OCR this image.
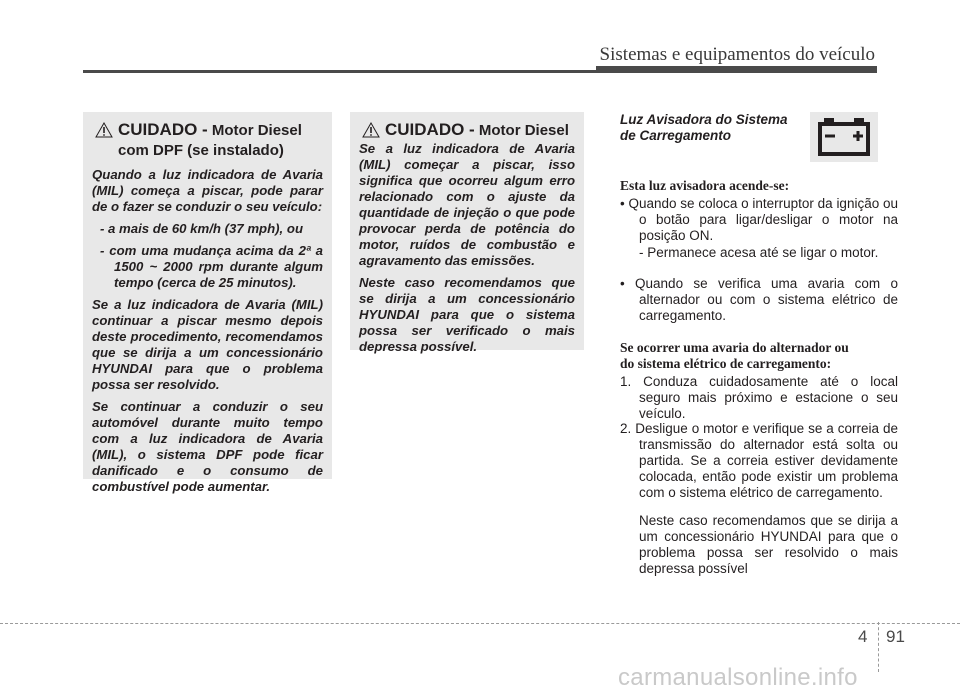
Sistemas e equipamentos do veículo
CUIDADO - Motor Diesel
com DPF (se instalado)

Quando a luz indicadora de Avaria (MIL) começa a piscar, pode parar de o fazer se conduzir o seu veículo:

- a mais de 60 km/h (37 mph), ou

- com uma mudança acima da 2ª a 1500 ~ 2000 rpm durante algum tempo (cerca de 25 minutos).

Se a luz indicadora de Avaria (MIL) continuar a piscar mesmo depois deste procedimento, recomendamos que se dirija a um concessionário HYUNDAI para que o problema possa ser resolvido.

Se continuar a conduzir o seu automóvel durante muito tempo com a luz indicadora de Avaria (MIL), o sistema DPF pode ficar danificado e o consumo de combustível pode aumentar.

CUIDADO - Motor Diesel

Se a luz indicadora de Avaria (MIL) começar a piscar, isso significa que ocorreu algum erro relacionado com o ajuste da quantidade de injeção o que pode provocar perda de potência do motor, ruídos de combustão e agravamento das emissões.

Neste caso recomendamos que se dirija a um concessionário HYUNDAI para que o sistema possa ser verificado o mais depressa possível.

Luz Avisadora do Sistema de Carregamento
Esta luz avisadora acende-se:
• Quando se coloca o interruptor da ignição ou o botão para ligar/desligar o motor na posição ON.
- Permanece acesa até se ligar o motor.
• Quando se verifica uma avaria com o alternador ou com o sistema elétrico de carregamento.
Se ocorrer uma avaria do alternador ou do sistema elétrico de carregamento:
1. Conduza cuidadosamente até o local seguro mais próximo e estacione o seu veículo.
2. Desligue o motor e verifique se a correia de transmissão do alternador está solta ou partida. Se a correia estiver devidamente colocada, então pode existir um problema com o sistema elétrico de carregamento.
Neste caso recomendamos que se dirija a um concessionário HYUNDAI para que o problema possa ser resolvido o mais depressa possível
4 91
carmanualsonline.info
